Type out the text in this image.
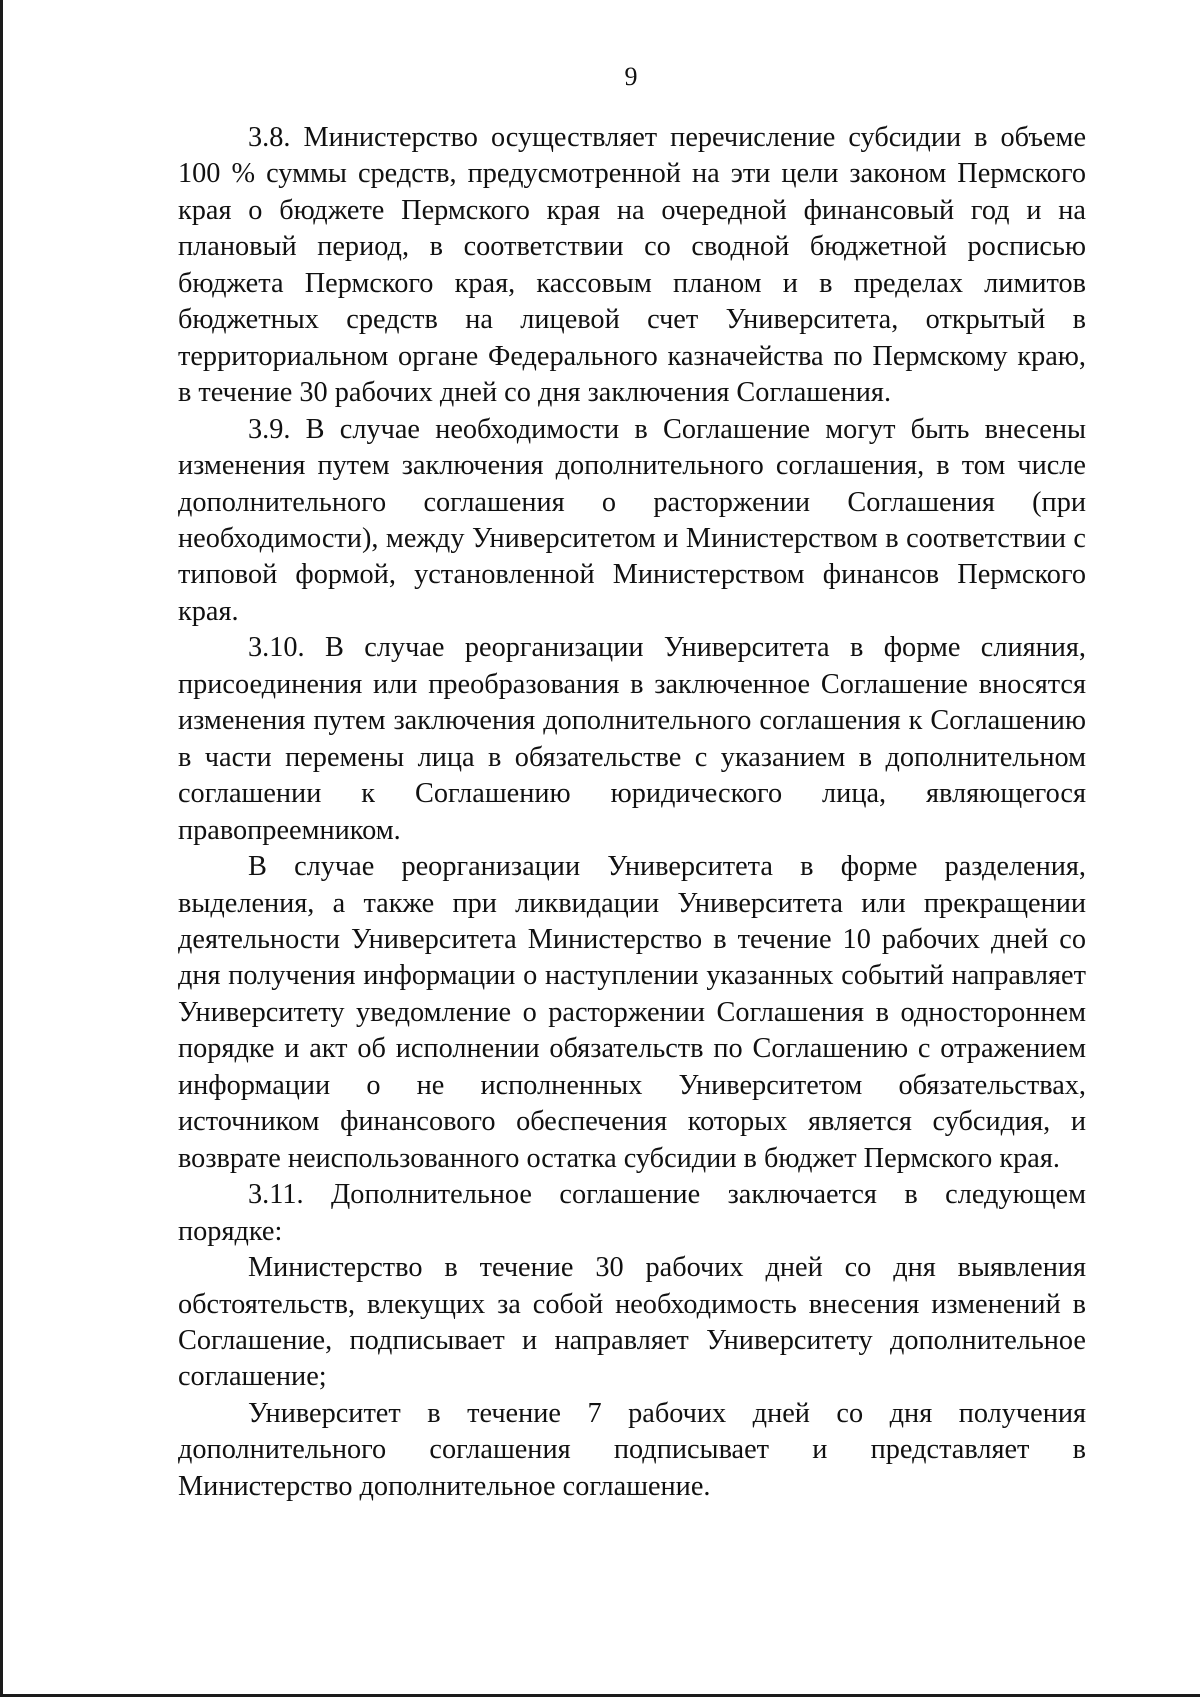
9

3.8. Министерство осуществляет перечисление субсидии в объеме 100 % суммы средств, предусмотренной на эти цели законом Пермского края о бюджете Пермского края на очередной финансовый год и на плановый период, в соответствии со сводной бюджетной росписью бюджета Пермского края, кассовым планом и в пределах лимитов бюджетных средств на лицевой счет Университета, открытый в территориальном органе Федерального казначейства по Пермскому краю, в течение 30 рабочих дней со дня заключения Соглашения.

3.9. В случае необходимости в Соглашение могут быть внесены изменения путем заключения дополнительного соглашения, в том числе дополнительного соглашения о расторжении Соглашения (при необходимости), между Университетом и Министерством в соответствии с типовой формой, установленной Министерством финансов Пермского края.

3.10. В случае реорганизации Университета в форме слияния, присоединения или преобразования в заключенное Соглашение вносятся изменения путем заключения дополнительного соглашения к Соглашению в части перемены лица в обязательстве с указанием в дополнительном соглашении к Соглашению юридического лица, являющегося правопреемником.

В случае реорганизации Университета в форме разделения, выделения, а также при ликвидации Университета или прекращении деятельности Университета Министерство в течение 10 рабочих дней со дня получения информации о наступлении указанных событий направляет Университету уведомление о расторжении Соглашения в одностороннем порядке и акт об исполнении обязательств по Соглашению с отражением информации о не исполненных Университетом обязательствах, источником финансового обеспечения которых является субсидия, и возврате неиспользованного остатка субсидии в бюджет Пермского края.

3.11. Дополнительное соглашение заключается в следующем порядке:

Министерство в течение 30 рабочих дней со дня выявления обстоятельств, влекущих за собой необходимость внесения изменений в Соглашение, подписывает и направляет Университету дополнительное соглашение;

Университет в течение 7 рабочих дней со дня получения дополнительного соглашения подписывает и представляет в Министерство дополнительное соглашение.
